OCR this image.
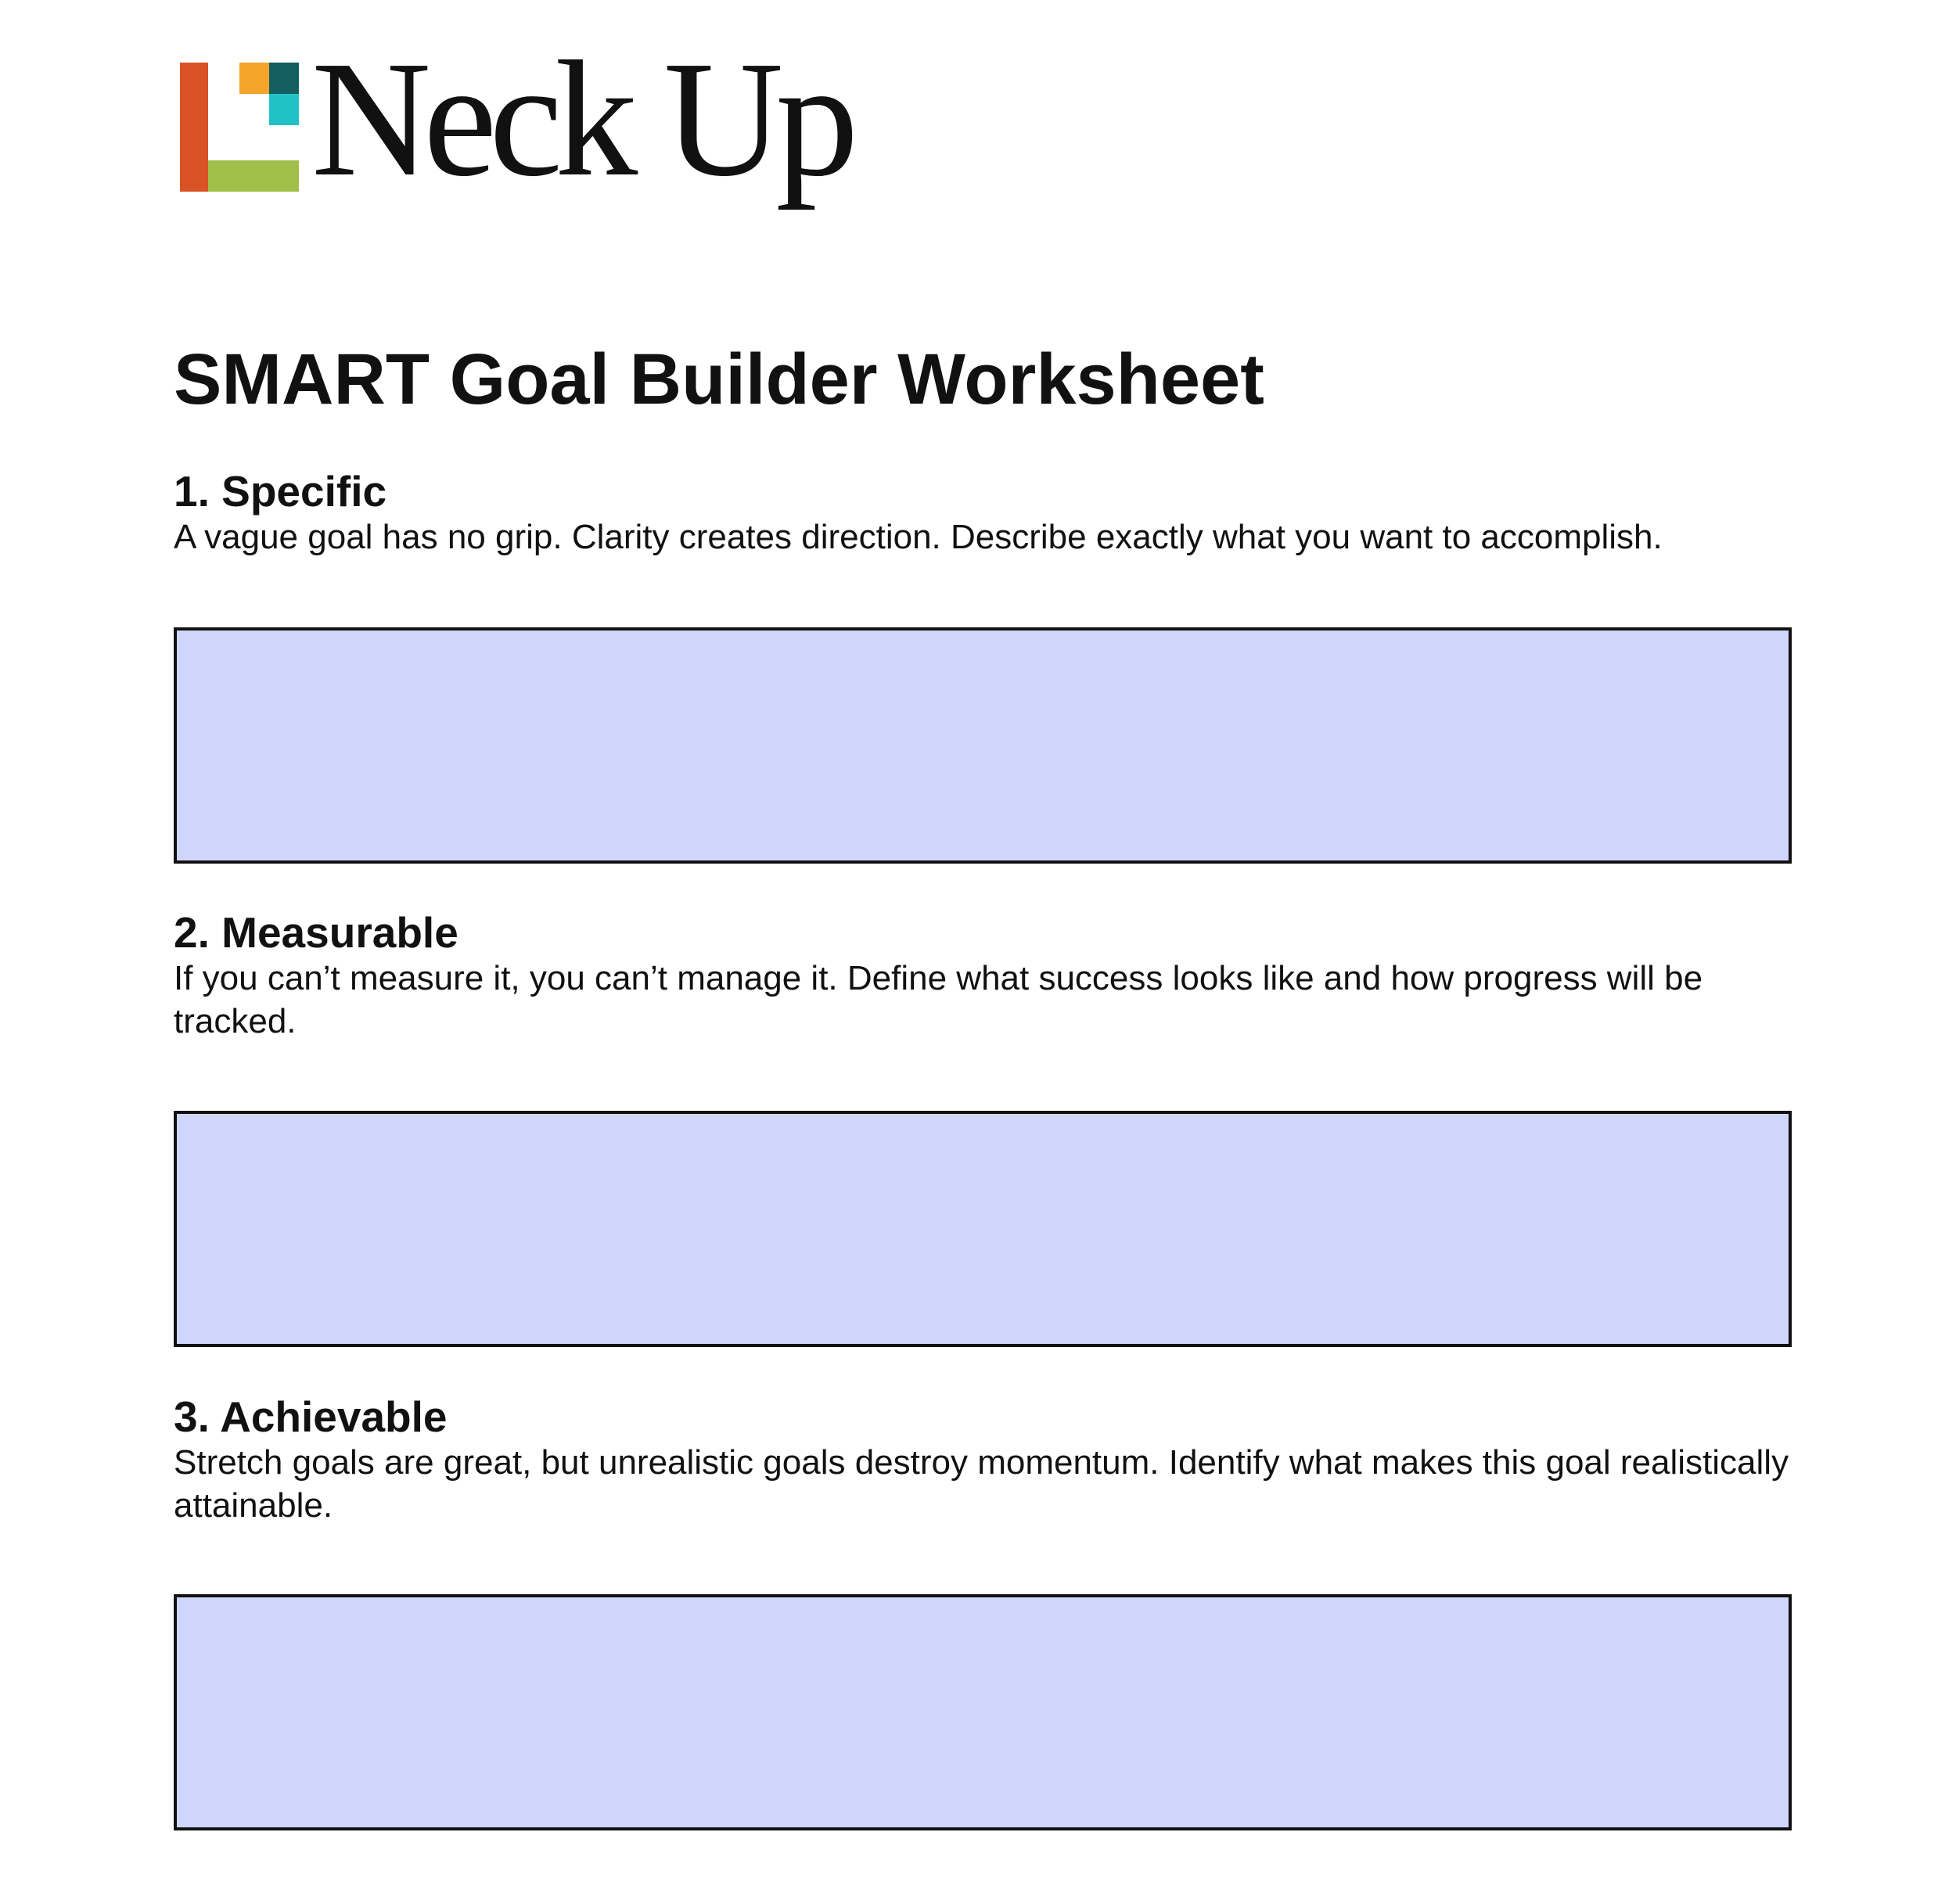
Neck Up
SMART Goal Builder Worksheet
1. Specific

A vague goal has no grip. Clarity creates direction. Describe exactly what you want to accomplish.

2. Measurable

If you can’t measure it, you can’t manage it. Define what success looks like and how progress will be tracked.

3. Achievable

Stretch goals are great, but unrealistic goals destroy momentum. Identify what makes this goal realistically attainable.
